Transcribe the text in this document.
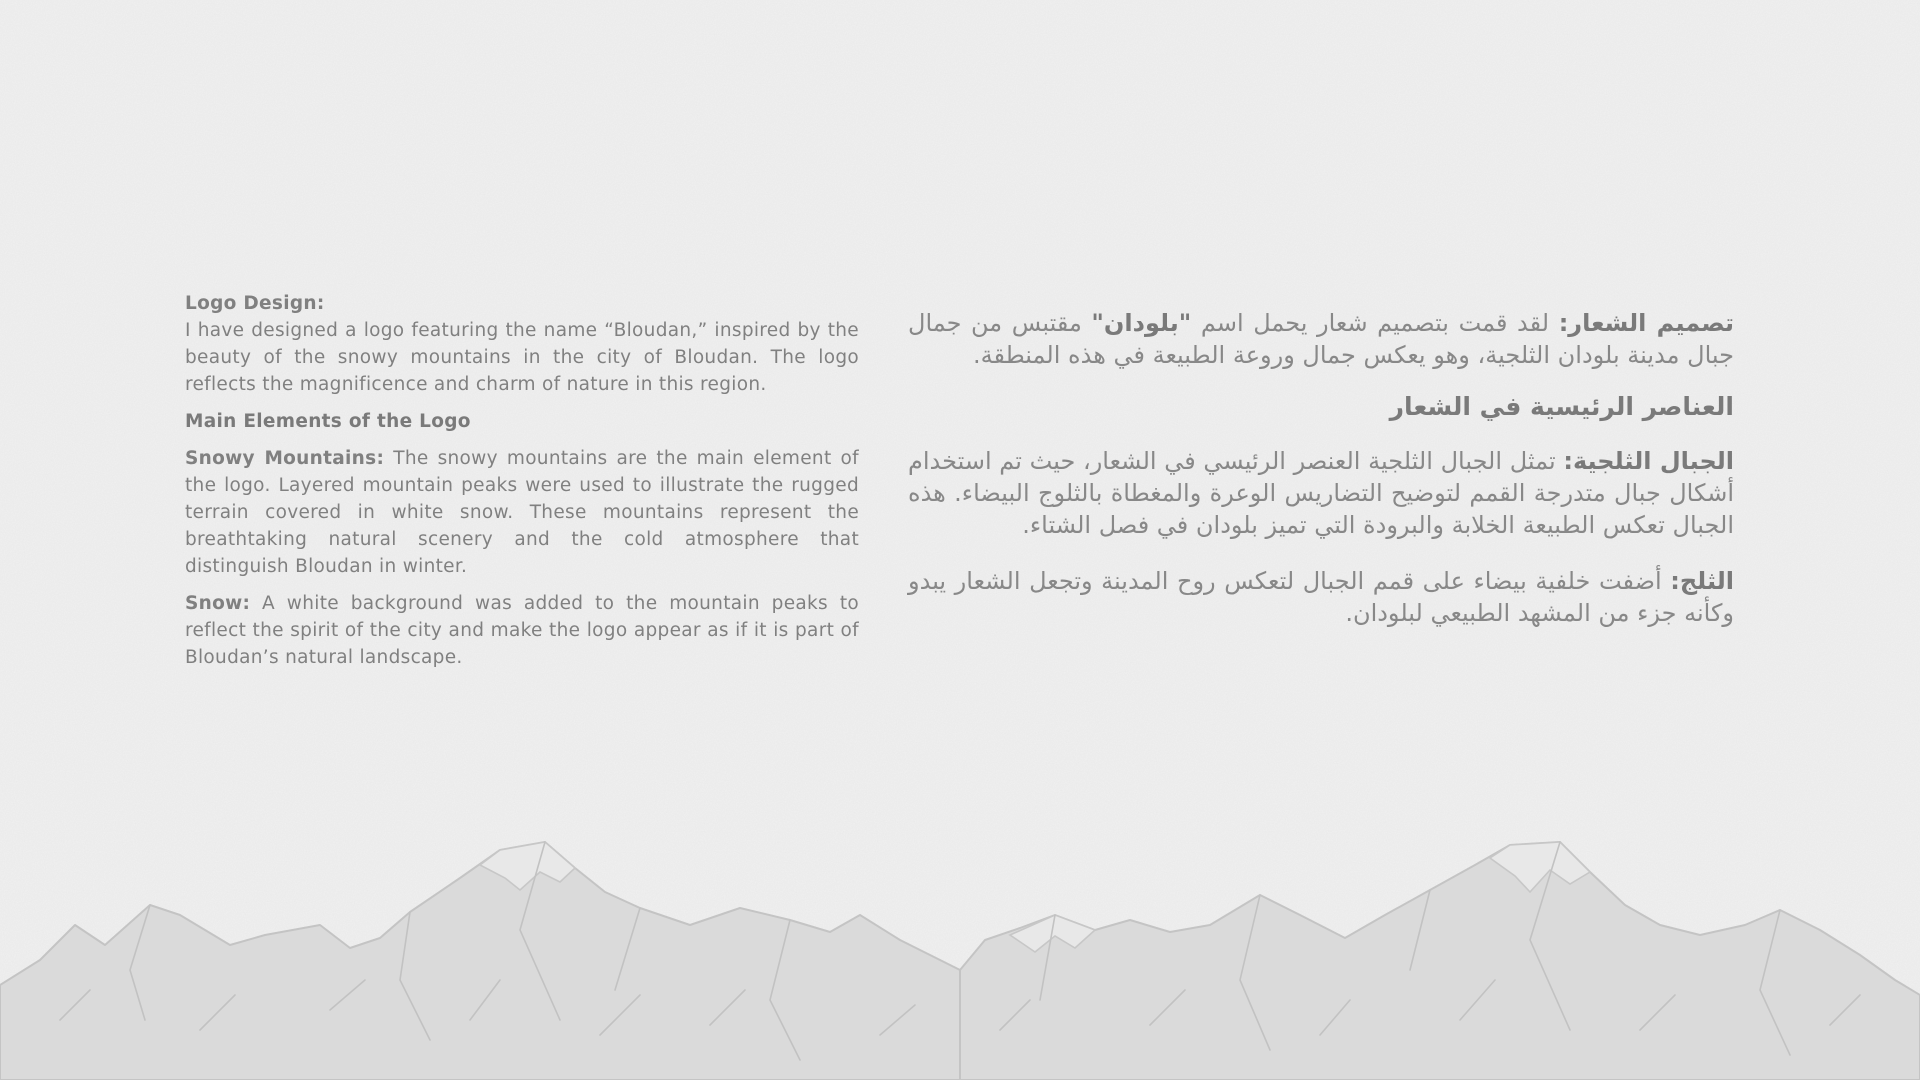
Logo Design:

I have designed a logo featuring the name “Bloudan,” inspired by the beauty of the snowy mountains in the city of Bloudan. The logo reflects the magnificence and charm of nature in this region.

Main Elements of the Logo

Snowy Mountains: The snowy mountains are the main element of the logo. Layered mountain peaks were used to illustrate the rugged terrain covered in white snow. These mountains represent the breathtaking natural scenery and the cold atmosphere that distinguish Bloudan in winter.

Snow: A white background was added to the mountain peaks to reflect the spirit of the city and make the logo appear as if it is part of Bloudan’s natural landscape.

تصميم الشعار: لقد قمت بتصميم شعار يحمل اسم "بلودان" مقتبس من جمال جبال مدينة بلودان الثلجية، وهو يعكس جمال وروعة الطبيعة في هذه المنطقة.

العناصر الرئيسية في الشعار

الجبال الثلجية: تمثل الجبال الثلجية العنصر الرئيسي في الشعار، حيث تم استخدام أشكال جبال متدرجة القمم لتوضيح التضاريس الوعرة والمغطاة بالثلوج البيضاء. هذه الجبال تعكس الطبيعة الخلابة والبرودة التي تميز بلودان في فصل الشتاء.

الثلج: أضفت خلفية بيضاء على قمم الجبال لتعكس روح المدينة وتجعل الشعار يبدو وكأنه جزء من المشهد الطبيعي لبلودان.
